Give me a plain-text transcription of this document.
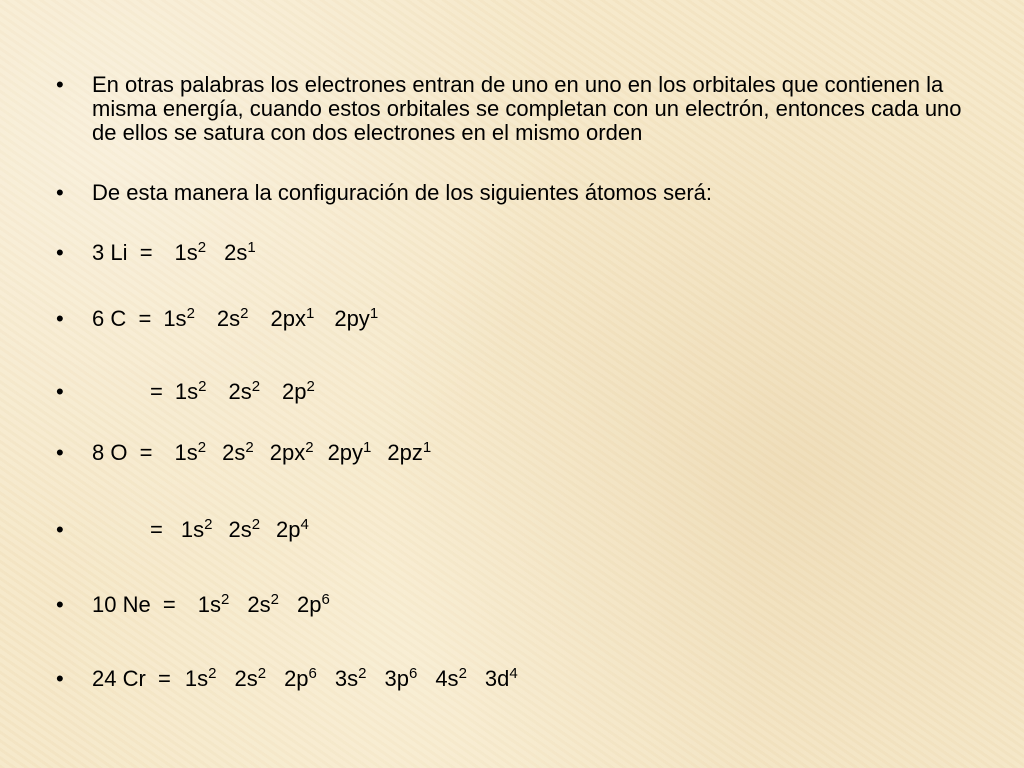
• En otras palabras los electrones entran de uno en uno en los orbitales que contienen la misma energía, cuando estos orbitales se completan con un electrón, entonces cada uno de ellos se satura con dos electrones en el mismo orden
• De esta manera la configuración de los siguientes átomos será:
• 3 $Li = 1s^2$ $2s^1$
• 6 $C = 1s^2$ $2s^2$ $2px^1$ $2py^1$
•	= $1s^2$ $2s^2$ $2p^2$
• 8 $O = 1s^2$ $2s^2$ $2px^2$ $2py^1$ $2pz^1$
•	= $1s^2$ $2s^2$ $2p^4$
• 10 $Ne = 1s^2$ $2s^2$ $2p^6$
• 24 $Cr = 1s^2$ $2s^2$ $2p^6$ $3s^2$ $3p^6$ $4s^2$ $3d^4$
